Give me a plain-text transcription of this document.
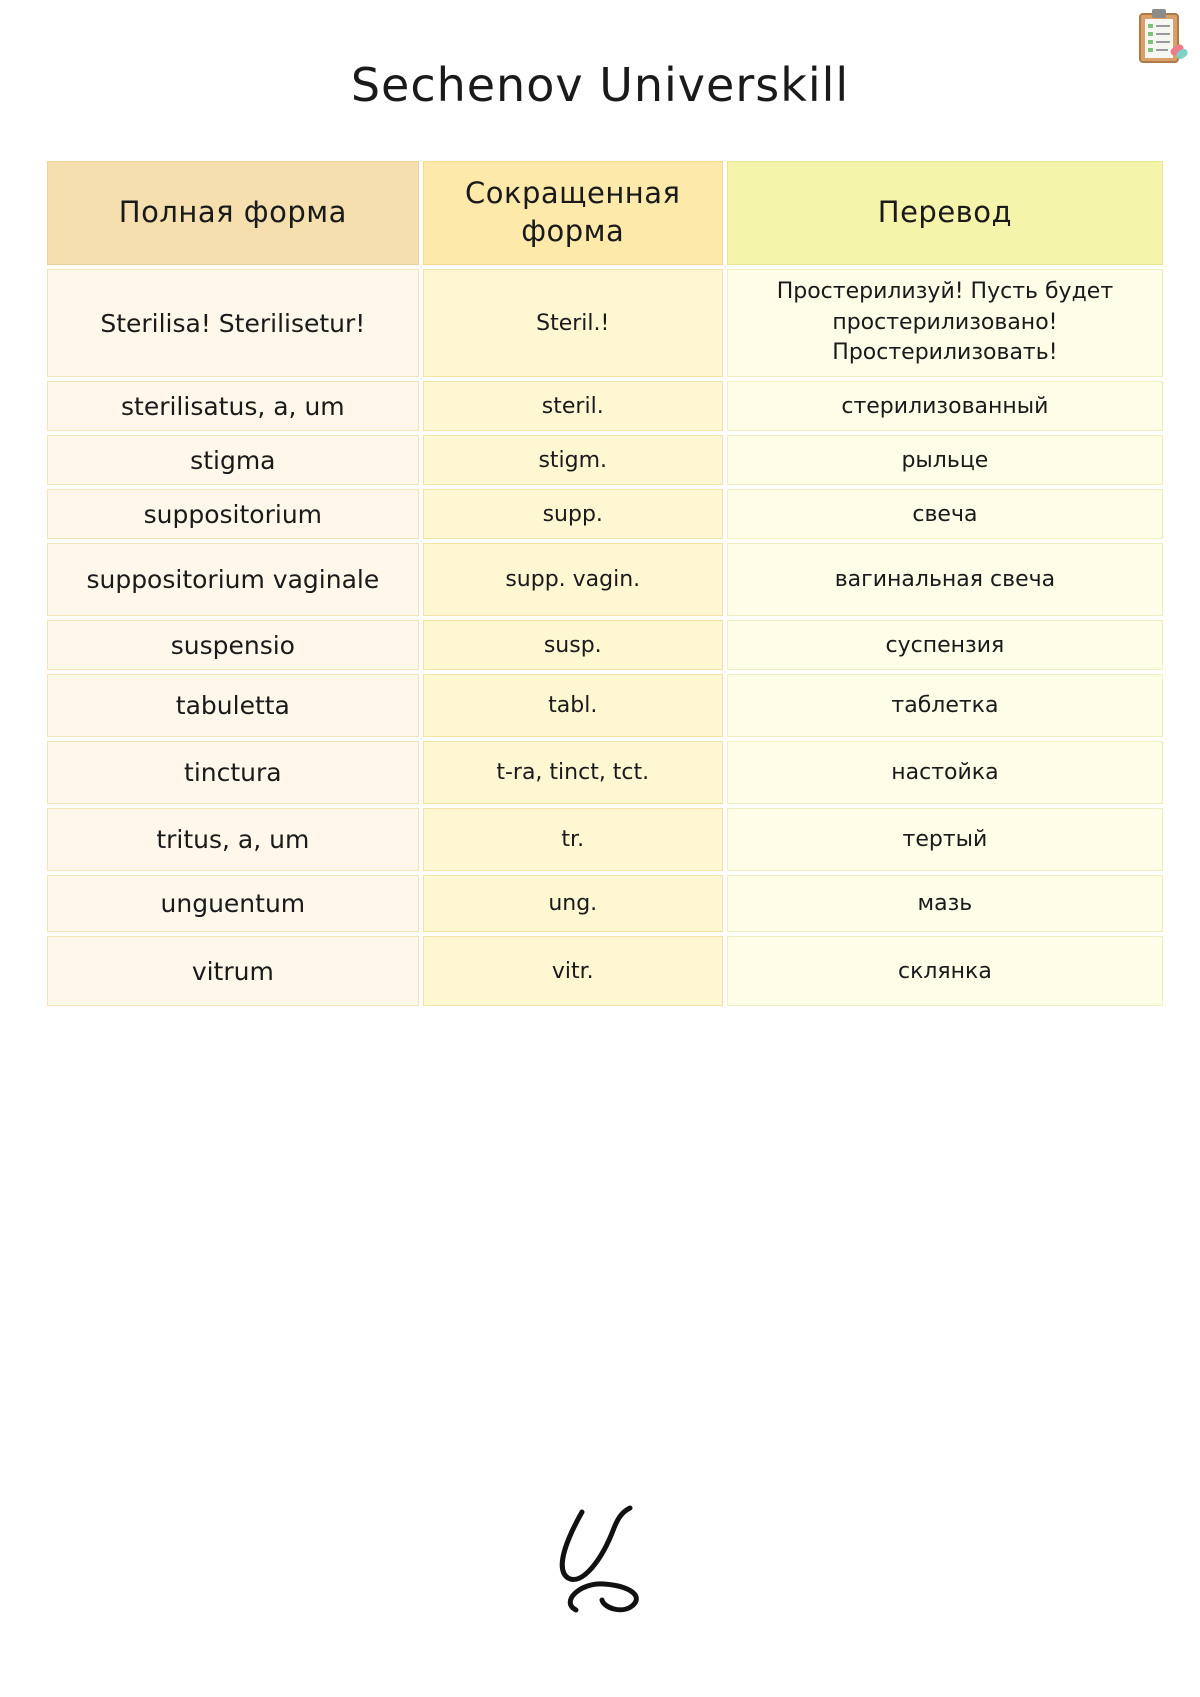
Sechenov Universkill
Полная форма	Сокращенная форма	Перевод
Sterilisa! Sterilisetur!	Steril.!	Простерилизуй! Пусть будет простерилизовано! Простерилизовать!
sterilisatus, a, um	steril.	стерилизованный
stigma	stigm.	рыльце
suppositorium	supp.	свеча
suppositorium vaginale	supp. vagin.	вагинальная свеча
suspensio	susp.	суспензия
tabuletta	tabl.	таблетка
tinctura	t-ra, tinct, tct.	настойка
tritus, a, um	tr.	тертый
unguentum	ung.	мазь
vitrum	vitr.	склянка
